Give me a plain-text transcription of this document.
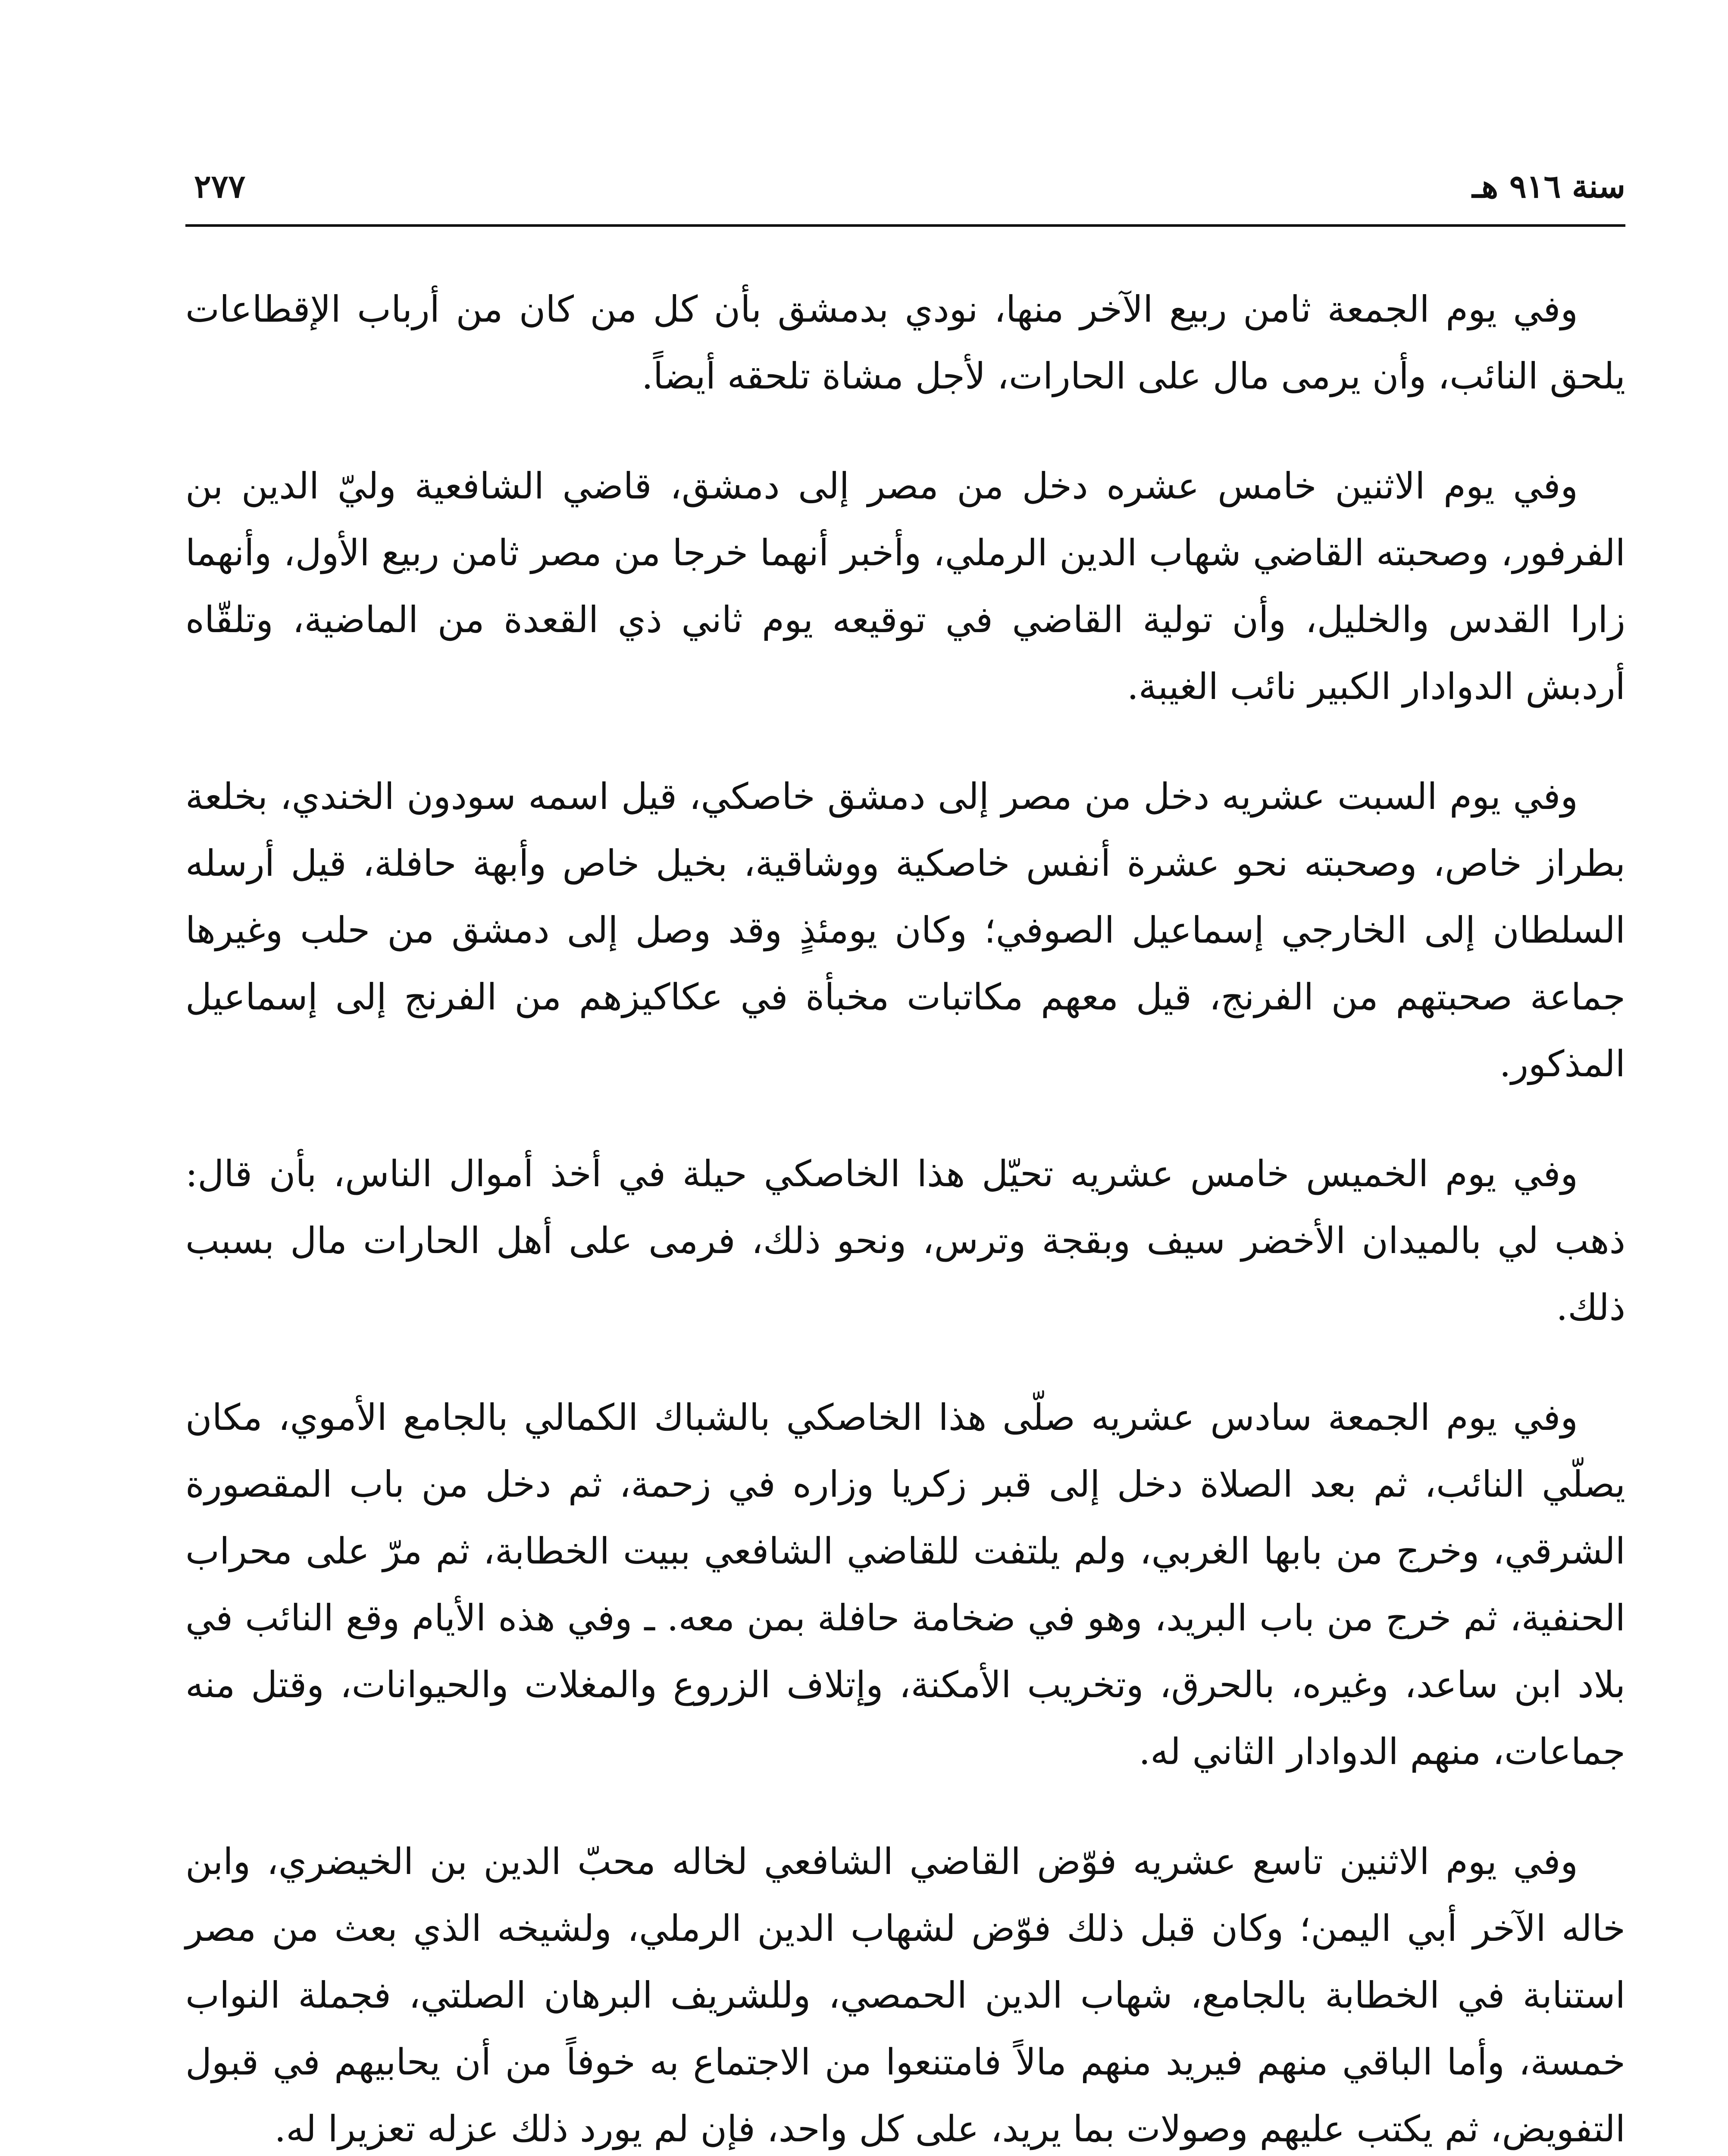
سنة ٩١٦ هـ
٢٧٧

وفي يوم الجمعة ثامن ربيع الآخر منها، نودي بدمشق بأن كل من كان من أرباب الإقطاعات يلحق النائب، وأن يرمى مال على الحارات، لأجل مشاة تلحقه أيضاً.

وفي يوم الاثنين خامس عشره دخل من مصر إلى دمشق، قاضي الشافعية وليّ الدين بن الفرفور، وصحبته القاضي شهاب الدين الرملي، وأخبر أنهما خرجا من مصر ثامن ربيع الأول، وأنهما زارا القدس والخليل، وأن تولية القاضي في توقيعه يوم ثاني ذي القعدة من الماضية، وتلقّاه أردبش الدوادار الكبير نائب الغيبة.

وفي يوم السبت عشريه دخل من مصر إلى دمشق خاصكي، قيل اسمه سودون الخندي، بخلعة بطراز خاص، وصحبته نحو عشرة أنفس خاصكية ووشاقية، بخيل خاص وأبهة حافلة، قيل أرسله السلطان إلى الخارجي إسماعيل الصوفي؛ وكان يومئذٍ وقد وصل إلى دمشق من حلب وغيرها جماعة صحبتهم من الفرنج، قيل معهم مكاتبات مخبأة في عكاكيزهم من الفرنج إلى إسماعيل المذكور.

وفي يوم الخميس خامس عشريه تحيّل هذا الخاصكي حيلة في أخذ أموال الناس، بأن قال: ذهب لي بالميدان الأخضر سيف وبقجة وترس، ونحو ذلك، فرمى على أهل الحارات مال بسبب ذلك.

وفي يوم الجمعة سادس عشريه صلّى هذا الخاصكي بالشباك الكمالي بالجامع الأموي، مكان يصلّي النائب، ثم بعد الصلاة دخل إلى قبر زكريا وزاره في زحمة، ثم دخل من باب المقصورة الشرقي، وخرج من بابها الغربي، ولم يلتفت للقاضي الشافعي ببيت الخطابة، ثم مرّ على محراب الحنفية، ثم خرج من باب البريد، وهو في ضخامة حافلة بمن معه. ـ وفي هذه الأيام وقع النائب في بلاد ابن ساعد، وغيره، بالحرق، وتخريب الأمكنة، وإتلاف الزروع والمغلات والحيوانات، وقتل منه جماعات، منهم الدوادار الثاني له.

وفي يوم الاثنين تاسع عشريه فوّض القاضي الشافعي لخاله محبّ الدين بن الخيضري، وابن خاله الآخر أبي اليمن؛ وكان قبل ذلك فوّض لشهاب الدين الرملي، ولشيخه الذي بعث من مصر استنابة في الخطابة بالجامع، شهاب الدين الحمصي، وللشريف البرهان الصلتي، فجملة النواب خمسة، وأما الباقي منهم فيريد منهم مالاً فامتنعوا من الاجتماع به خوفاً من أن يحابيهم في قبول التفويض، ثم يكتب عليهم وصولات بما يريد، على كل واحد، فإن لم يورد ذلك عزله تعزيرا له.
